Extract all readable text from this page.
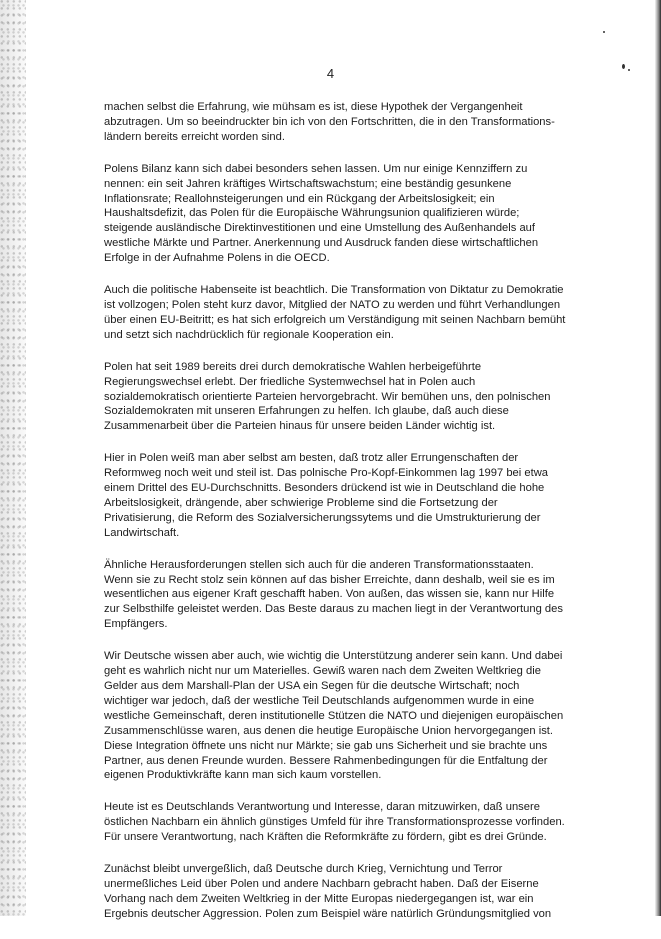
4

machen selbst die Erfahrung, wie mühsam es ist, diese Hypothek der Vergangenheit
abzutragen. Um so beeindruckter bin ich von den Fortschritten, die in den Transformations-
ländern bereits erreicht worden sind.

Polens Bilanz kann sich dabei besonders sehen lassen. Um nur einige Kennziffern zu
nennen: ein seit Jahren kräftiges Wirtschaftswachstum; eine beständig gesunkene
Inflationsrate; Reallohnsteigerungen und ein Rückgang der Arbeitslosigkeit; ein
Haushaltsdefizit, das Polen für die Europäische Währungsunion qualifizieren würde;
steigende ausländische Direktinvestitionen und eine Umstellung des Außenhandels auf
westliche Märkte und Partner. Anerkennung und Ausdruck fanden diese wirtschaftlichen
Erfolge in der Aufnahme Polens in die OECD.

Auch die politische Habenseite ist beachtlich. Die Transformation von Diktatur zu Demokratie
ist vollzogen; Polen steht kurz davor, Mitglied der NATO zu werden und führt Verhandlungen
über einen EU-Beitritt; es hat sich erfolgreich um Verständigung mit seinen Nachbarn bemüht
und setzt sich nachdrücklich für regionale Kooperation ein.

Polen hat seit 1989 bereits drei durch demokratische Wahlen herbeigeführte
Regierungswechsel erlebt. Der friedliche Systemwechsel hat in Polen auch
sozialdemokratisch orientierte Parteien hervorgebracht. Wir bemühen uns, den polnischen
Sozialdemokraten mit unseren Erfahrungen zu helfen. Ich glaube, daß auch diese
Zusammenarbeit über die Parteien hinaus für unsere beiden Länder wichtig ist.

Hier in Polen weiß man aber selbst am besten, daß trotz aller Errungenschaften der
Reformweg noch weit und steil ist. Das polnische Pro-Kopf-Einkommen lag 1997 bei etwa
einem Drittel des EU-Durchschnitts. Besonders drückend ist wie in Deutschland die hohe
Arbeitslosigkeit, drängende, aber schwierige Probleme sind die Fortsetzung der
Privatisierung, die Reform des Sozialversicherungssytems und die Umstrukturierung der
Landwirtschaft.

Ähnliche Herausforderungen stellen sich auch für die anderen Transformationsstaaten.
Wenn sie zu Recht stolz sein können auf das bisher Erreichte, dann deshalb, weil sie es im
wesentlichen aus eigener Kraft geschafft haben. Von außen, das wissen sie, kann nur Hilfe
zur Selbsthilfe geleistet werden. Das Beste daraus zu machen liegt in der Verantwortung des
Empfängers.

Wir Deutsche wissen aber auch, wie wichtig die Unterstützung anderer sein kann. Und dabei
geht es wahrlich nicht nur um Materielles. Gewiß waren nach dem Zweiten Weltkrieg die
Gelder aus dem Marshall-Plan der USA ein Segen für die deutsche Wirtschaft; noch
wichtiger war jedoch, daß der westliche Teil Deutschlands aufgenommen wurde in eine
westliche Gemeinschaft, deren institutionelle Stützen die NATO und diejenigen europäischen
Zusammenschlüsse waren, aus denen die heutige Europäische Union hervorgegangen ist.
Diese Integration öffnete uns nicht nur Märkte; sie gab uns Sicherheit und sie brachte uns
Partner, aus denen Freunde wurden. Bessere Rahmenbedingungen für die Entfaltung der
eigenen Produktivkräfte kann man sich kaum vorstellen.

Heute ist es Deutschlands Verantwortung und Interesse, daran mitzuwirken, daß unsere
östlichen Nachbarn ein ähnlich günstiges Umfeld für ihre Transformationsprozesse vorfinden.
Für unsere Verantwortung, nach Kräften die Reformkräfte zu fördern, gibt es drei Gründe.

Zunächst bleibt unvergeßlich, daß Deutsche durch Krieg, Vernichtung und Terror
unermeßliches Leid über Polen und andere Nachbarn gebracht haben. Daß der Eiserne
Vorhang nach dem Zweiten Weltkrieg in der Mitte Europas niedergegangen ist, war ein
Ergebnis deutscher Aggression. Polen zum Beispiel wäre natürlich Gründungsmitglied von
